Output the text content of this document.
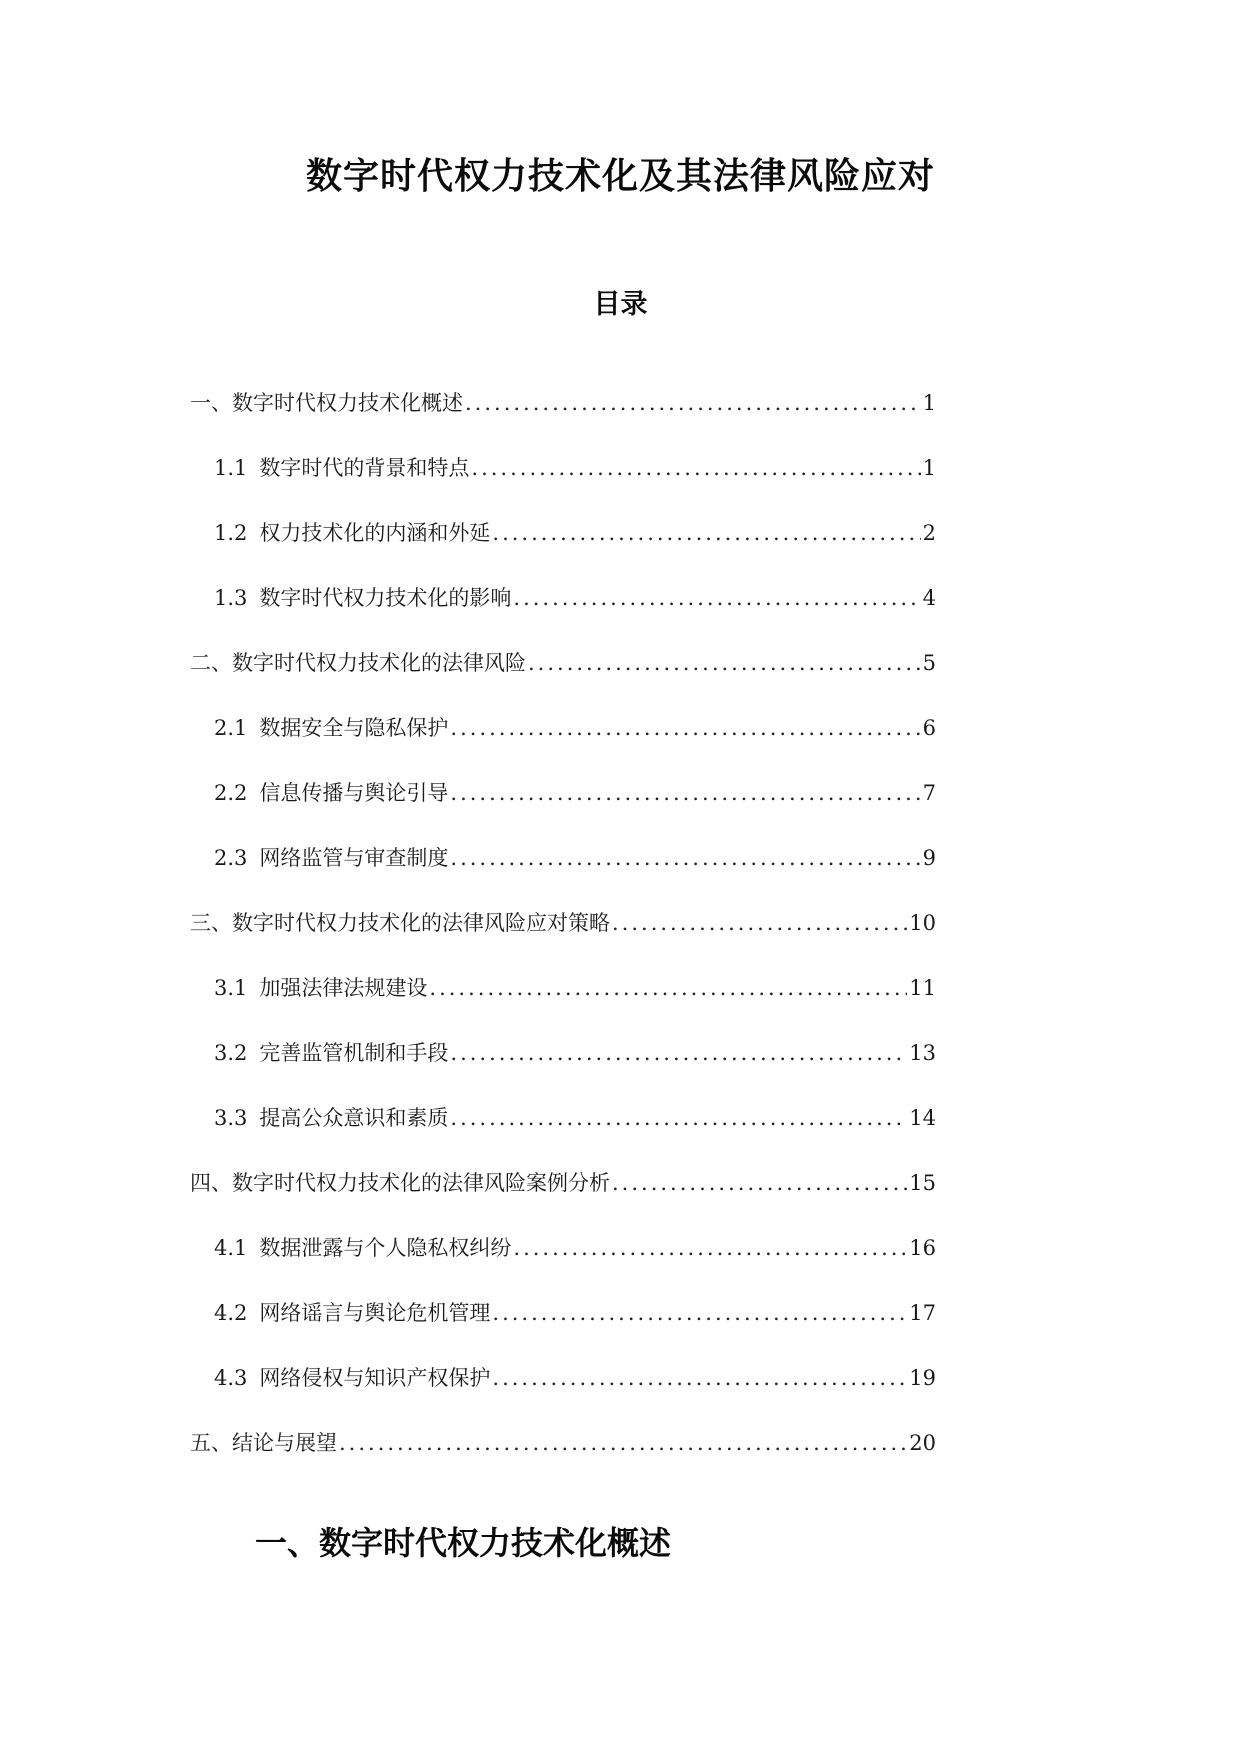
数字时代权力技术化及其法律风险应对
目录
一、数字时代权力技术化概述 .....	1
1.1 数字时代的背景和特点 .....	1
1.2 权力技术化的内涵和外延 .....	2
1.3 数字时代权力技术化的影响 .....	4
二、数字时代权力技术化的法律风险 .....	5
2.1 数据安全与隐私保护 .....	6
2.2 信息传播与舆论引导 .....	7
2.3 网络监管与审查制度 .....	9
三、数字时代权力技术化的法律风险应对策略 .....	10
3.1 加强法律法规建设 .....	11
3.2 完善监管机制和手段 .....	13
3.3 提高公众意识和素质 .....	14
四、数字时代权力技术化的法律风险案例分析 .....	15
4.1 数据泄露与个人隐私权纠纷 .....	16
4.2 网络谣言与舆论危机管理 .....	17
4.3 网络侵权与知识产权保护 .....	19
五、结论与展望 .....	20
一、数字时代权力技术化概述
